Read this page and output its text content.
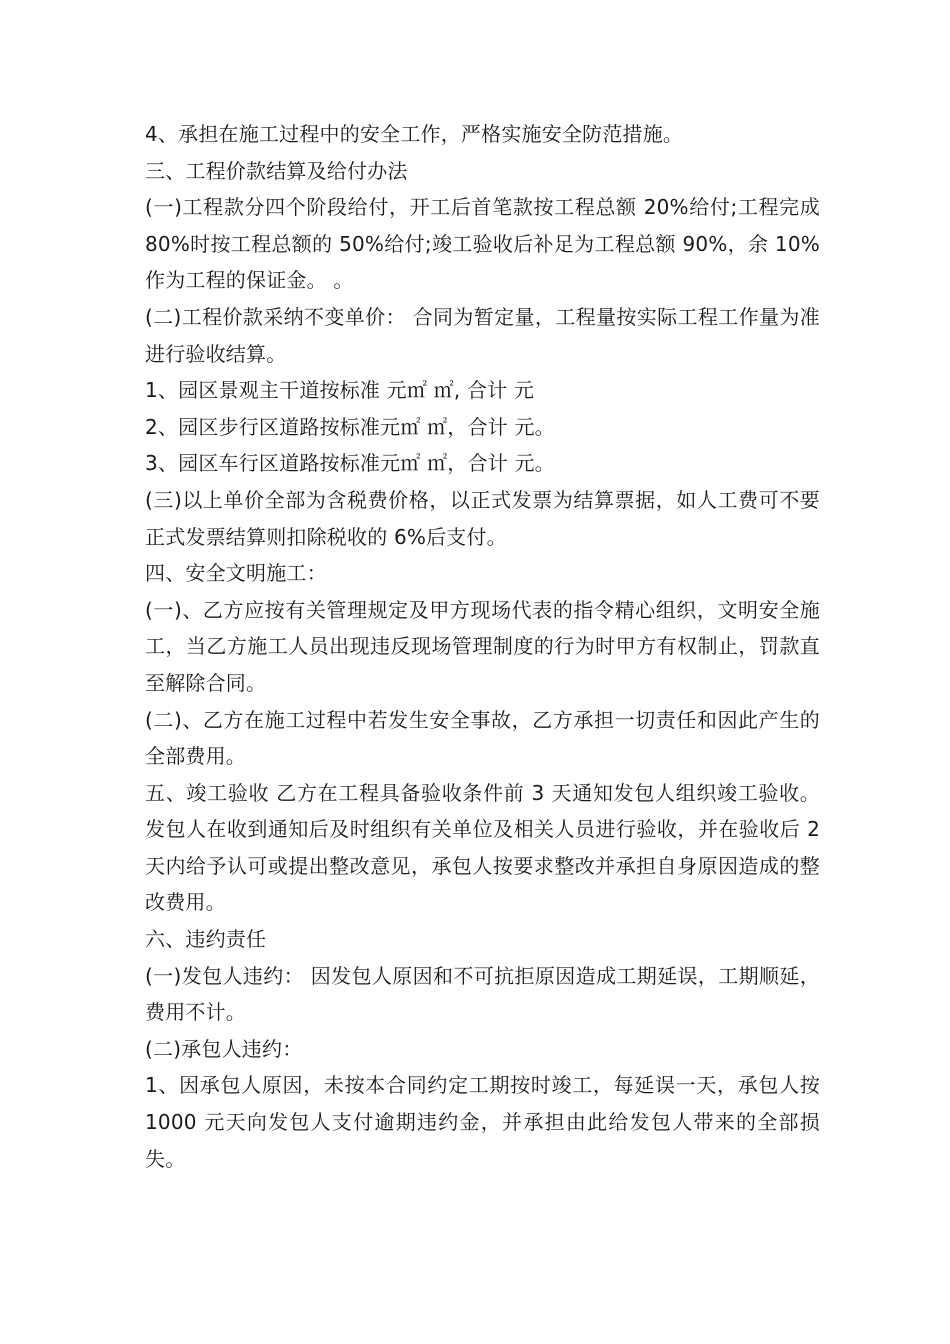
4、承担在施工过程中的安全工作，严格实施安全防范措施。

三、工程价款结算及给付办法

(一)工程款分四个阶段给付，开工后首笔款按工程总额 20%给付;工程完成 80%时按工程总额的 50%给付;竣工验收后补足为工程总额 90%，余 10%作为工程的保证金。 。

(二)工程价款采纳不变单价： 合同为暂定量，工程量按实际工程工作量为准进行验收结算。

1、园区景观主干道按标准 元㎡ ㎡, 合计 元

2、园区步行区道路按标准元㎡ ㎡，合计 元。

3、园区车行区道路按标准元㎡ ㎡，合计 元。

(三)以上单价全部为含税费价格，以正式发票为结算票据，如人工费可不要正式发票结算则扣除税收的 6%后支付。

四、安全文明施工：

(一)、乙方应按有关管理规定及甲方现场代表的指令精心组织，文明安全施工，当乙方施工人员出现违反现场管理制度的行为时甲方有权制止，罚款直至解除合同。

(二)、乙方在施工过程中若发生安全事故，乙方承担一切责任和因此产生的全部费用。

五、竣工验收 乙方在工程具备验收条件前 3 天通知发包人组织竣工验收。发包人在收到通知后及时组织有关单位及相关人员进行验收，并在验收后 2 天内给予认可或提出整改意见，承包人按要求整改并承担自身原因造成的整改费用。

六、违约责任

(一)发包人违约： 因发包人原因和不可抗拒原因造成工期延误，工期顺延，费用不计。

(二)承包人违约：

1、因承包人原因，未按本合同约定工期按时竣工，每延误一天，承包人按 1000 元天向发包人支付逾期违约金，并承担由此给发包人带来的全部损失。
